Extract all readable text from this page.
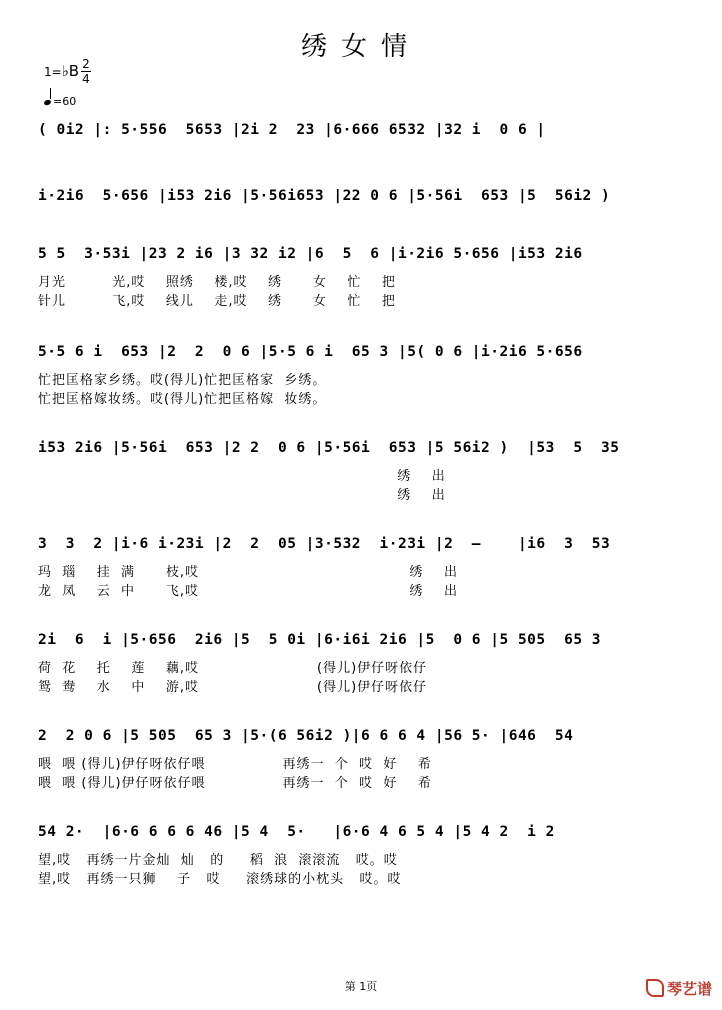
绣女情
1=♭B 2
4
=60
( 0i2 |: 5·556  5653 |2i 2  23 |6·666 6532 |32 i  0 6 |
i·2i6  5·656 |i53 2i6 |5·56i653 |22 0 6 |5·56i  653 |5  56i2 )
5 5  3·53i |23 2 i6 |3 32 i2 |6  5  6 |i·2i6 5·656 |i53 2i6
月光         光,哎    照绣    楼,哎    绣      女    忙    把
针儿         飞,哎    线儿    走,哎    绣      女    忙    把
5·5 6 i  653 |2  2  0 6 |5·5 6 i  65 3 |5( 0 6 |i·2i6 5·656
忙把匡格家乡绣。哎(得儿)忙把匡格家  乡绣。
忙把匡格嫁妆绣。哎(得儿)忙把匡格嫁  妆绣。
i53 2i6 |5·56i  653 |2 2  0 6 |5·56i  653 |5 56i2 )  |53  5  35
绣    出
绣    出
3  3  2 |i·6 i·23i |2  2  05 |3·532  i·23i |2  –    |i6  3  53
玛  瑙    挂  满      枝,哎                                         绣    出
龙  凤    云  中      飞,哎                                         绣    出
2i  6  i |5·656  2i6 |5  5 0i |6·i6i 2i6 |5  0 6 |5 505  65 3
荷  花    托    莲    藕,哎                       (得儿)伊仔呀依仔
鸳  鸯    水    中    游,哎                       (得儿)伊仔呀依仔
2  2 0 6 |5 505  65 3 |5·(6 56i2 )|6 6 6 4 |56 5· |646  54
喂  喂 (得儿)伊仔呀依仔喂               再绣一  个  哎  好    希
喂  喂 (得儿)伊仔呀依仔喂               再绣一  个  哎  好    希
54 2·  |6·6 6 6 6 46 |5 4  5·   |6·6 4 6 5 4 |5 4 2  i 2
望,哎   再绣一片金灿  灿   的     稻  浪  滚滚流   哎。哎
望,哎   再绣一只狮    子   哎     滚绣球的小枕头   哎。哎
第 1页	琴艺谱
